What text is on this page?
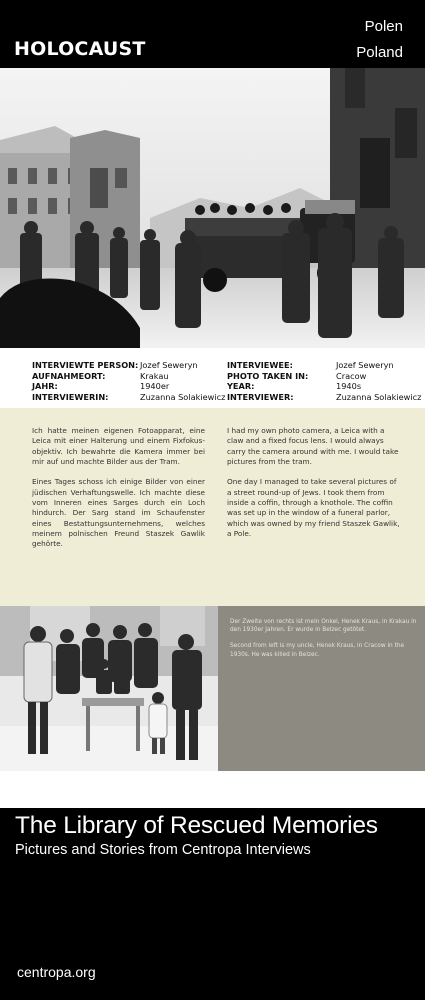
HOLOCAUST
Polen
Poland
INTERVIEWTE PERSON:
AUFNAHMEORT:
JAHR:
INTERVIEWERIN:
Jozef Seweryn
Krakau
1940er
Zuzanna Solakiewicz
INTERVIEWEE:
PHOTO TAKEN IN:
YEAR:
INTERVIEWER:
Jozef Seweryn
Cracow
1940s
Zuzanna Solakiewicz

Ich hatte meinen eigenen Fotoapparat, eine Leica mit einer Halterung und einem Fixfokus-objektiv. Ich bewahrte die Kamera immer bei mir auf und machte Bilder aus der Tram.

Eines Tages schoss ich einige Bilder von einer jüdischen Verhaftungswelle. Ich machte diese vom Inneren eines Sarges durch ein Loch hindurch. Der Sarg stand im Schaufenster eines Bestattungsunternehmens, welches meinem polnischen Freund Staszek Gawlik gehörte.

I had my own photo camera, a Leica with a claw and a fixed focus lens. I would always carry the camera around with me. I would take pictures from the tram.

One day I managed to take several pictures of a street round-up of Jews. I took them from inside a coffin, through a knothole. The coffin was set up in the window of a funeral parlor, which was owned by my friend Staszek Gawlik, a Pole.

Der Zweite von rechts ist mein Onkel, Henek Kraus, in Krakau in den 1930er Jahren. Er wurde in Belzec getötet.

Second from left is my uncle, Henek Kraus, in Cracow in the 1930s. He was killed in Belzec.

The Library of Rescued Memories
Pictures and Stories from Centropa Interviews
centropa.org
